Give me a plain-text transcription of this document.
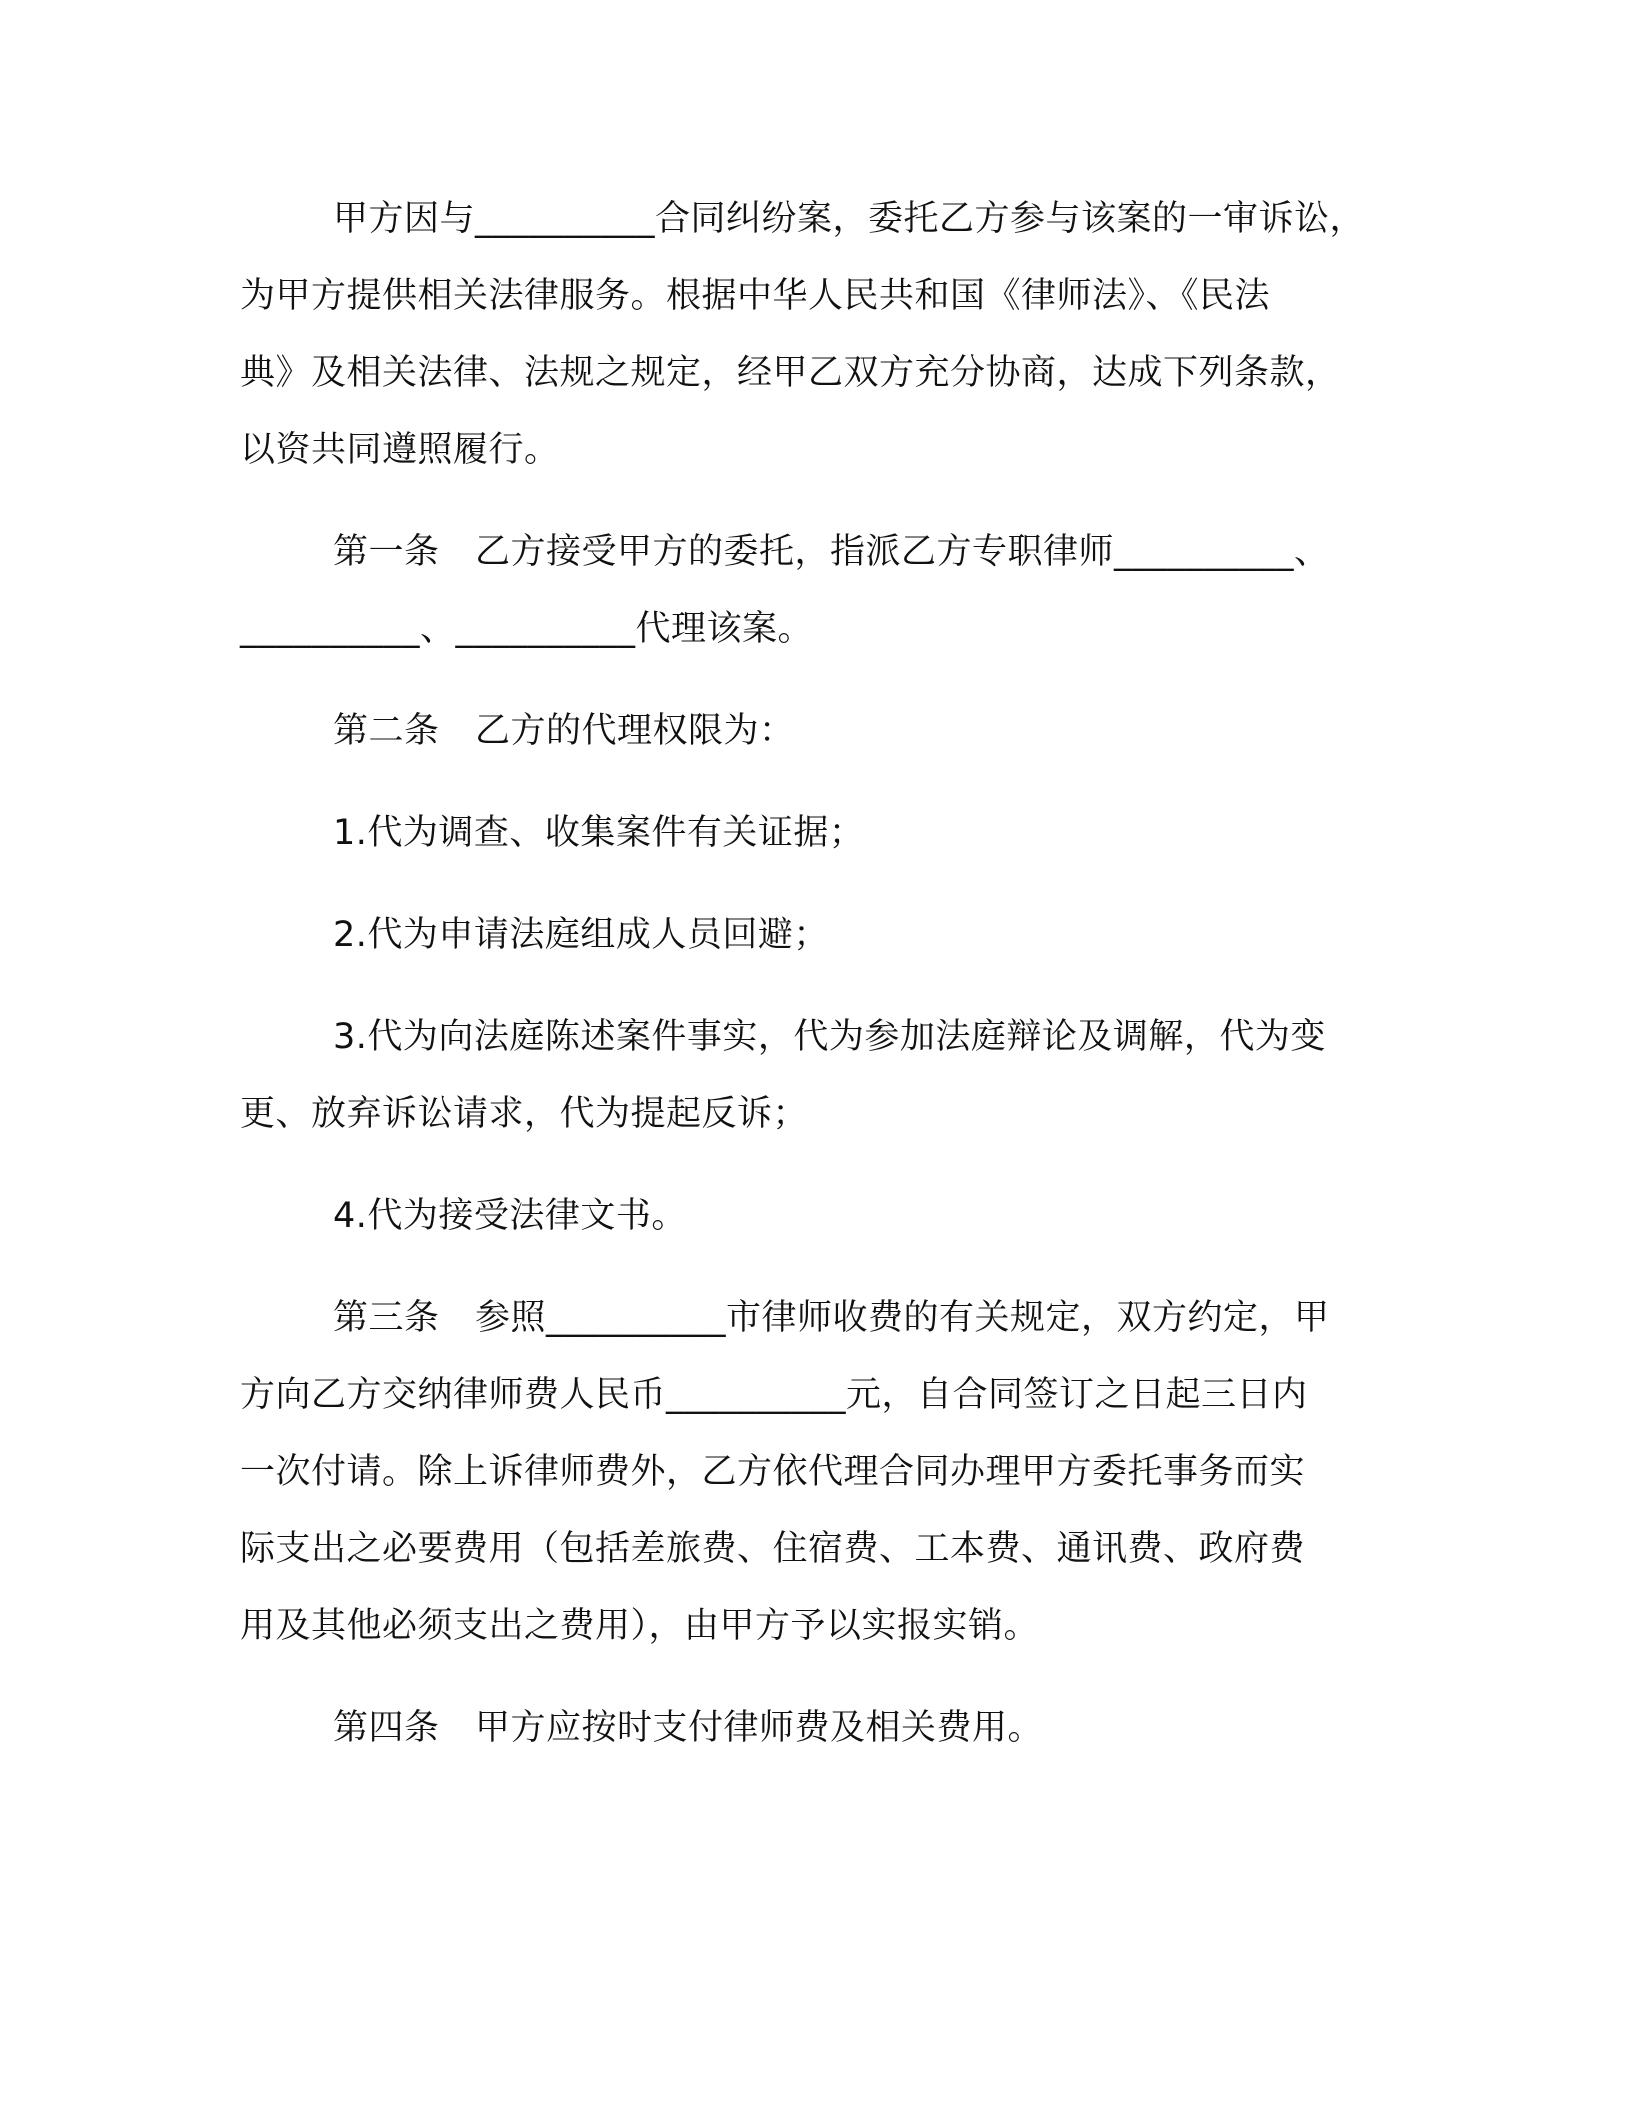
甲方因与__________合同纠纷案，委托乙方参与该案的一审诉讼，
为甲方提供相关法律服务。根据中华人民共和国《律师法》、《民法
典》及相关法律、法规之规定，经甲乙双方充分协商，达成下列条款，
以资共同遵照履行。
第一条　乙方接受甲方的委托，指派乙方专职律师__________、
__________、__________代理该案。
第二条　乙方的代理权限为：
1.代为调查、收集案件有关证据；
2.代为申请法庭组成人员回避；
3.代为向法庭陈述案件事实，代为参加法庭辩论及调解，代为变
更、放弃诉讼请求，代为提起反诉；
4.代为接受法律文书。
第三条　参照__________市律师收费的有关规定，双方约定，甲
方向乙方交纳律师费人民币__________元，自合同签订之日起三日内
一次付请。除上诉律师费外，乙方依代理合同办理甲方委托事务而实
际支出之必要费用（包括差旅费、住宿费、工本费、通讯费、政府费
用及其他必须支出之费用），由甲方予以实报实销。
第四条　甲方应按时支付律师费及相关费用。
